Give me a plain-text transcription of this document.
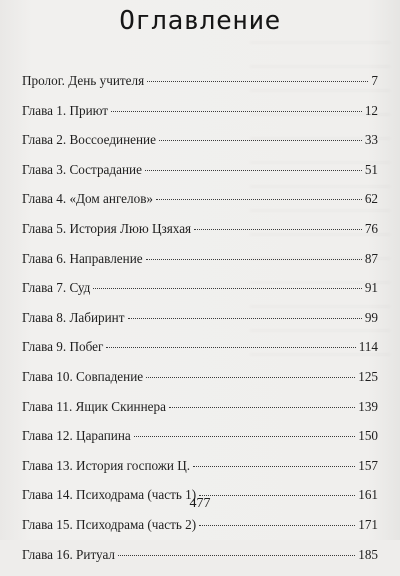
Оглавление
Пролог. День учителя	7
Глава 1. Приют	12
Глава 2. Воссоединение	33
Глава 3. Сострадание	51
Глава 4. «Дом ангелов»	62
Глава 5. История Люю Цзяхая	76
Глава 6. Направление	87
Глава 7. Суд	91
Глава 8. Лабиринт	99
Глава 9. Побег	114
Глава 10. Совпадение	125
Глава 11. Ящик Скиннера	139
Глава 12. Царапина	150
Глава 13. История госпожи Ц.	157
Глава 14. Психодрама (часть 1)	161
Глава 15. Психодрама (часть 2)	171
Глава 16. Ритуал	185
477
